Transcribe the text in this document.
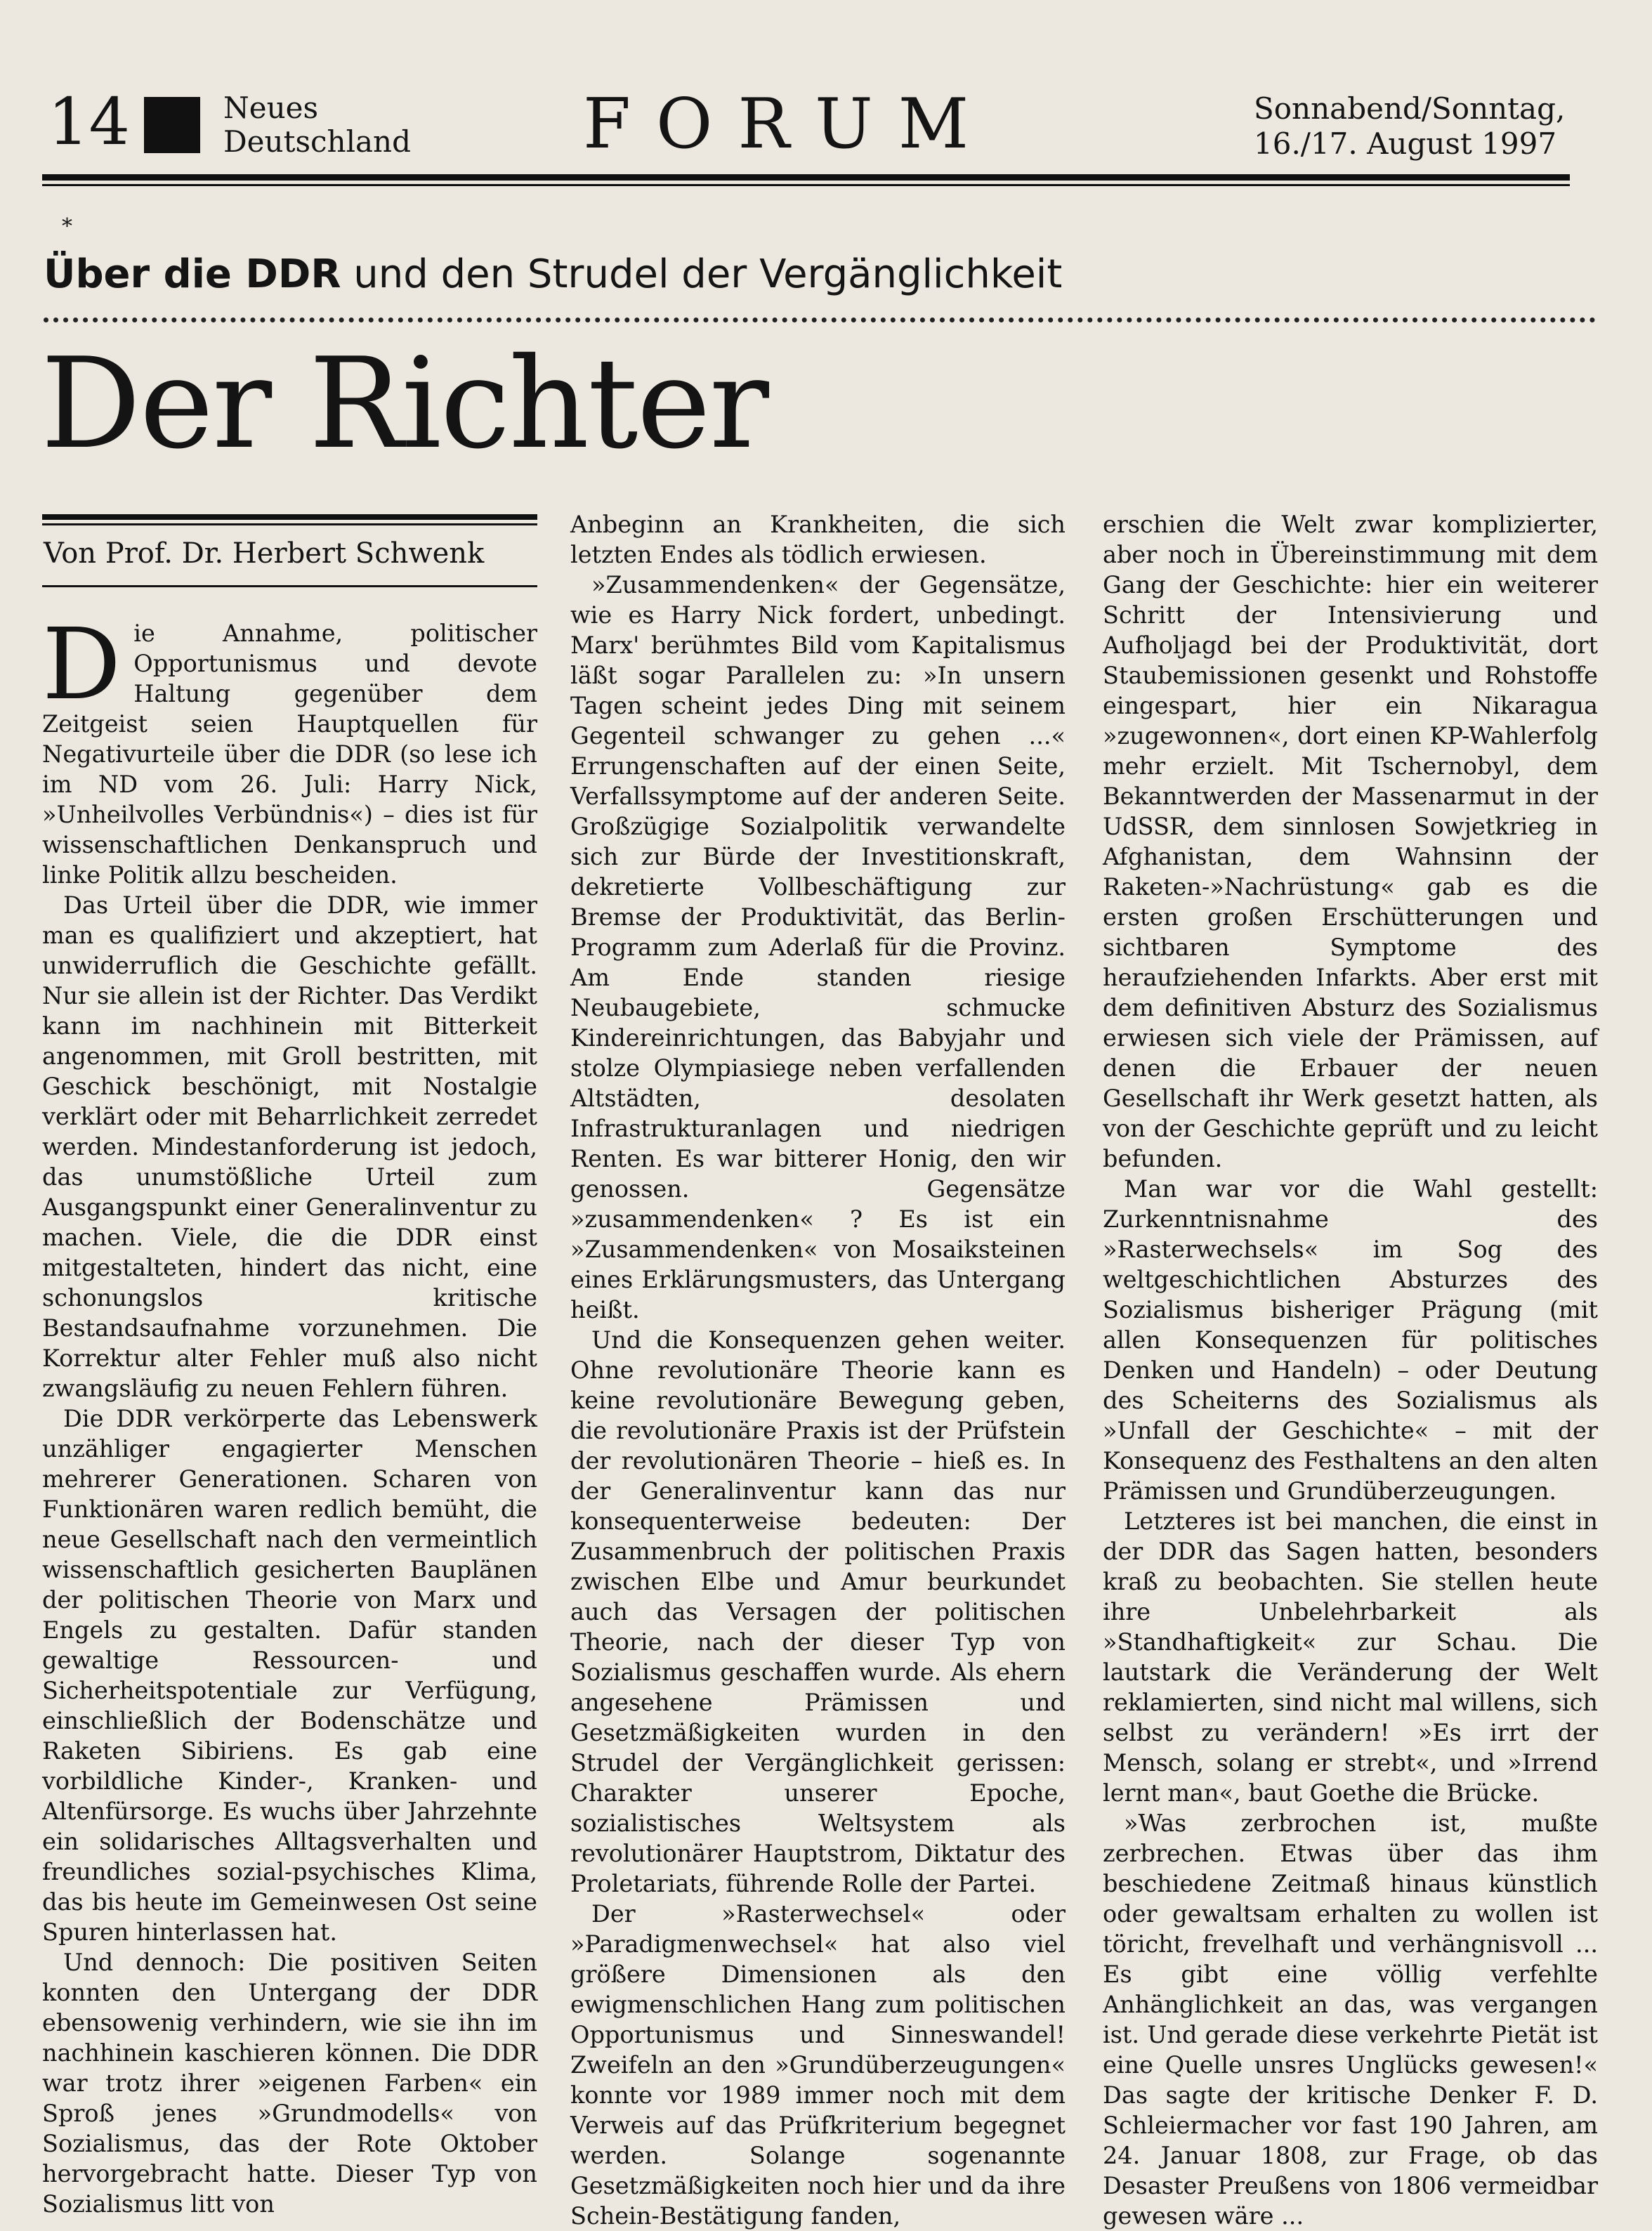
14	Neues
Deutschland	FORUM	Sonnabend/Sonntag,
16./17. August 1997
*
Über die DDR und den Strudel der Vergänglichkeit
Der Richter
Von Prof. Dr. Herbert Schwenk

Die Annahme, politischer Opportunismus und devote Haltung gegenüber dem Zeitgeist seien Hauptquellen für Negativurteile über die DDR (so lese ich im ND vom 26. Juli: Harry Nick, »Unheilvolles Verbündnis«) – dies ist für wissenschaftlichen Denkanspruch und linke Politik allzu bescheiden.

Das Urteil über die DDR, wie immer man es qualifiziert und akzeptiert, hat unwiderruflich die Geschichte gefällt. Nur sie allein ist der Richter. Das Verdikt kann im nachhinein mit Bitterkeit angenommen, mit Groll bestritten, mit Geschick beschönigt, mit Nostalgie verklärt oder mit Beharrlichkeit zerredet werden. Mindestanforderung ist jedoch, das unumstößliche Urteil zum Ausgangspunkt einer Generalinventur zu machen. Viele, die die DDR einst mitgestalteten, hindert das nicht, eine schonungslos kritische Bestandsaufnahme vorzunehmen. Die Korrektur alter Fehler muß also nicht zwangsläufig zu neuen Fehlern führen.

Die DDR verkörperte das Lebenswerk unzähliger engagierter Menschen mehrerer Generationen. Scharen von Funktionären waren redlich bemüht, die neue Gesellschaft nach den vermeintlich wissenschaftlich gesicherten Bauplänen der politischen Theorie von Marx und Engels zu gestalten. Dafür standen gewaltige Ressourcen- und Sicherheitspotentiale zur Verfügung, einschließlich der Bodenschätze und Raketen Sibiriens. Es gab eine vorbildliche Kinder-, Kranken- und Altenfürsorge. Es wuchs über Jahrzehnte ein solidarisches Alltagsverhalten und freundliches sozial-psychisches Klima, das bis heute im Gemeinwesen Ost seine Spuren hinterlassen hat.

Und dennoch: Die positiven Seiten konnten den Untergang der DDR ebensowenig verhindern, wie sie ihn im nachhinein kaschieren können. Die DDR war trotz ihrer »eigenen Farben« ein Sproß jenes »Grundmodells« von Sozialismus, das der Rote Oktober hervorgebracht hatte. Dieser Typ von Sozialismus litt von

Anbeginn an Krankheiten, die sich letzten Endes als tödlich erwiesen.

»Zusammendenken« der Gegensätze, wie es Harry Nick fordert, unbedingt. Marx' berühmtes Bild vom Kapitalismus läßt sogar Parallelen zu: »In unsern Tagen scheint jedes Ding mit seinem Gegenteil schwanger zu gehen ...« Errungenschaften auf der einen Seite, Verfallssymptome auf der anderen Seite. Großzügige Sozialpolitik verwandelte sich zur Bürde der Investitionskraft, dekretierte Vollbeschäftigung zur Bremse der Produktivität, das Berlin-Programm zum Aderlaß für die Provinz. Am Ende standen riesige Neubaugebiete, schmucke Kindereinrichtungen, das Babyjahr und stolze Olympiasiege neben verfallenden Altstädten, desolaten Infrastrukturanlagen und niedrigen Renten. Es war bitterer Honig, den wir genossen. Gegensätze »zusammendenken« ? Es ist ein »Zusammendenken« von Mosaiksteinen eines Erklärungsmusters, das Untergang heißt.

Und die Konsequenzen gehen weiter. Ohne revolutionäre Theorie kann es keine revolutionäre Bewegung geben, die revolutionäre Praxis ist der Prüfstein der revolutionären Theorie – hieß es. In der Generalinventur kann das nur konsequenterweise bedeuten: Der Zusammenbruch der politischen Praxis zwischen Elbe und Amur beurkundet auch das Versagen der politischen Theorie, nach der dieser Typ von Sozialismus geschaffen wurde. Als ehern angesehene Prämissen und Gesetzmäßigkeiten wurden in den Strudel der Vergänglichkeit gerissen: Charakter unserer Epoche, sozialistisches Weltsystem als revolutionärer Hauptstrom, Diktatur des Proletariats, führende Rolle der Partei.

Der »Rasterwechsel« oder »Paradigmenwechsel« hat also viel größere Dimensionen als den ewigmenschlichen Hang zum politischen Opportunismus und Sinneswandel! Zweifeln an den »Grundüberzeugungen« konnte vor 1989 immer noch mit dem Verweis auf das Prüfkriterium begegnet werden. Solange sogenannte Gesetzmäßigkeiten noch hier und da ihre Schein-Bestätigung fanden,

erschien die Welt zwar komplizierter, aber noch in Übereinstimmung mit dem Gang der Geschichte: hier ein weiterer Schritt der Intensivierung und Aufholjagd bei der Produktivität, dort Staubemissionen gesenkt und Rohstoffe eingespart, hier ein Nikaragua »zugewonnen«, dort einen KP-Wahlerfolg mehr erzielt. Mit Tschernobyl, dem Bekanntwerden der Massenarmut in der UdSSR, dem sinnlosen Sowjetkrieg in Afghanistan, dem Wahnsinn der Raketen-»Nachrüstung« gab es die ersten großen Erschütterungen und sichtbaren Symptome des heraufziehenden Infarkts. Aber erst mit dem definitiven Absturz des Sozialismus erwiesen sich viele der Prämissen, auf denen die Erbauer der neuen Gesellschaft ihr Werk gesetzt hatten, als von der Geschichte geprüft und zu leicht befunden.

Man war vor die Wahl gestellt: Zurkenntnisnahme des »Rasterwechsels« im Sog des weltgeschichtlichen Absturzes des Sozialismus bisheriger Prägung (mit allen Konsequenzen für politisches Denken und Handeln) – oder Deutung des Scheiterns des Sozialismus als »Unfall der Geschichte« – mit der Konsequenz des Festhaltens an den alten Prämissen und Grundüberzeugungen.

Letzteres ist bei manchen, die einst in der DDR das Sagen hatten, besonders kraß zu beobachten. Sie stellen heute ihre Unbelehrbarkeit als »Standhaftigkeit« zur Schau. Die lautstark die Veränderung der Welt reklamierten, sind nicht mal willens, sich selbst zu verändern! »Es irrt der Mensch, solang er strebt«, und »Irrend lernt man«, baut Goethe die Brücke.

»Was zerbrochen ist, mußte zerbrechen. Etwas über das ihm beschiedene Zeitmaß hinaus künstlich oder gewaltsam erhalten zu wollen ist töricht, frevelhaft und verhängnisvoll ... Es gibt eine völlig verfehlte Anhänglichkeit an das, was vergangen ist. Und gerade diese verkehrte Pietät ist eine Quelle unsres Unglücks gewesen!« Das sagte der kritische Denker F. D. Schleiermacher vor fast 190 Jahren, am 24. Januar 1808, zur Frage, ob das Desaster Preußens von 1806 vermeidbar gewesen wäre ...
